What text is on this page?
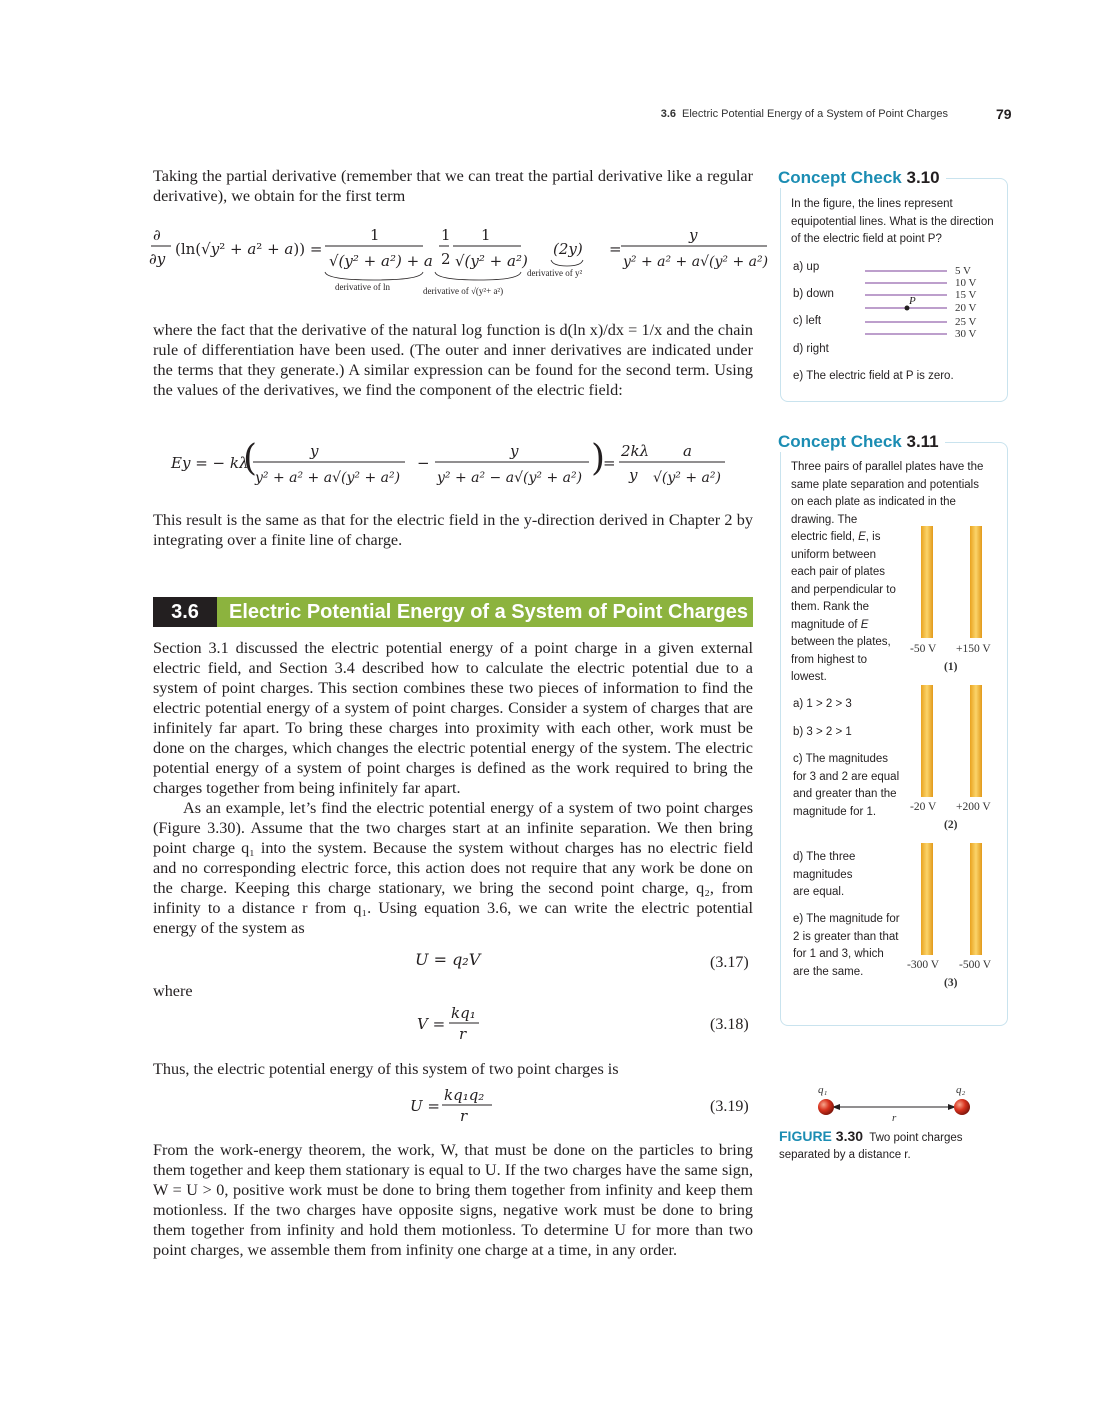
3.6 Electric Potential Energy of a System of Point Charges	79

Taking the partial derivative (remember that we can treat the partial derivative like a regular derivative), we obtain for the first term

∂
∂y
(ln(√y² + a² + a)) =
1
√(y² + a²) + a
derivative of ln
1
2
1
√(y² + a²)
derivative of √(y²+ a²)
(2y)
derivative of y²
=
y
y² + a² + a√(y² + a²)

where the fact that the derivative of the natural log function is d(ln x)/dx = 1/x and the chain rule of differentiation have been used. (The outer and inner derivatives are indicated under the terms that they generate.) A similar expression can be found for the second term. Using the values of the derivatives, we find the component of the electric field:

Ey = − kλ
(	y
y² + a² + a√(y² + a²)
−
y
y² + a² − a√(y² + a²) )
=
2kλ
y
a
√(y² + a²)

This result is the same as that for the electric field in the y-direction derived in Chapter 2 by integrating over a finite line of charge.

3.6	Electric Potential Energy of a System of Point Charges

Section 3.1 discussed the electric potential energy of a point charge in a given external electric field, and Section 3.4 described how to calculate the electric potential due to a system of point charges. This section combines these two pieces of information to find the electric potential energy of a system of point charges. Consider a system of charges that are infinitely far apart. To bring these charges into proximity with each other, work must be done on the charges, which changes the electric potential energy of the system. The electric potential energy of a system of point charges is defined as the work required to bring the charges together from being infinitely far apart.

As an example, let’s find the electric potential energy of a system of two point charges (Figure 3.30). Assume that the two charges start at an infinite separation. We then bring point charge q₁ into the system. Because the system without charges has no electric field and no corresponding electric force, this action does not require that any work be done on the charge. Keeping this charge stationary, we bring the second point charge, q₂, from infinity to a distance r from q₁. Using equation 3.6, we can write the electric potential energy of the system as

U = q₂V	(3.17)
where
V =
kq₁
r
(3.18)

Thus, the electric potential energy of this system of two point charges is

U =
kq₁q₂
r
(3.19)

From the work-energy theorem, the work, W, that must be done on the particles to bring them together and keep them stationary is equal to U. If the two charges have the same sign, W = U > 0, positive work must be done to bring them together from infinity and keep them motionless. If the two charges have opposite signs, negative work must be done to bring them together from infinity and hold them motionless. To determine U for more than two point charges, we assemble them from infinity one charge at a time, in any order.

Concept Check 3.10
In the figure, the lines represent equipotential lines. What is the direction of the electric field at point P?
a) up
b) down
c) left
d) right
e) The electric field at P is zero.
P
5 V
10 V
15 V
20 V
25 V
30 V
Concept Check 3.11
Three pairs of parallel plates have the same plate separation and potentials on each plate as indicated in the drawing. The
electric field, E, is uniform between each pair of plates and perpendicular to them. Rank the magnitude of E between the plates, from highest to lowest.
a) 1 > 2 > 3
b) 3 > 2 > 1
c) The magnitudes for 3 and 2 are equal and greater than the magnitude for 1.
d) The three magnitudes are equal.
e) The magnitude for 2 is greater than that for 1 and 3, which are the same.
-50 V +150 V
(1)
-20 V +200 V
(2)
-300 V -500 V
(3)
q₁	q₂
r
FIGURE 3.30 Two point charges separated by a distance r.
